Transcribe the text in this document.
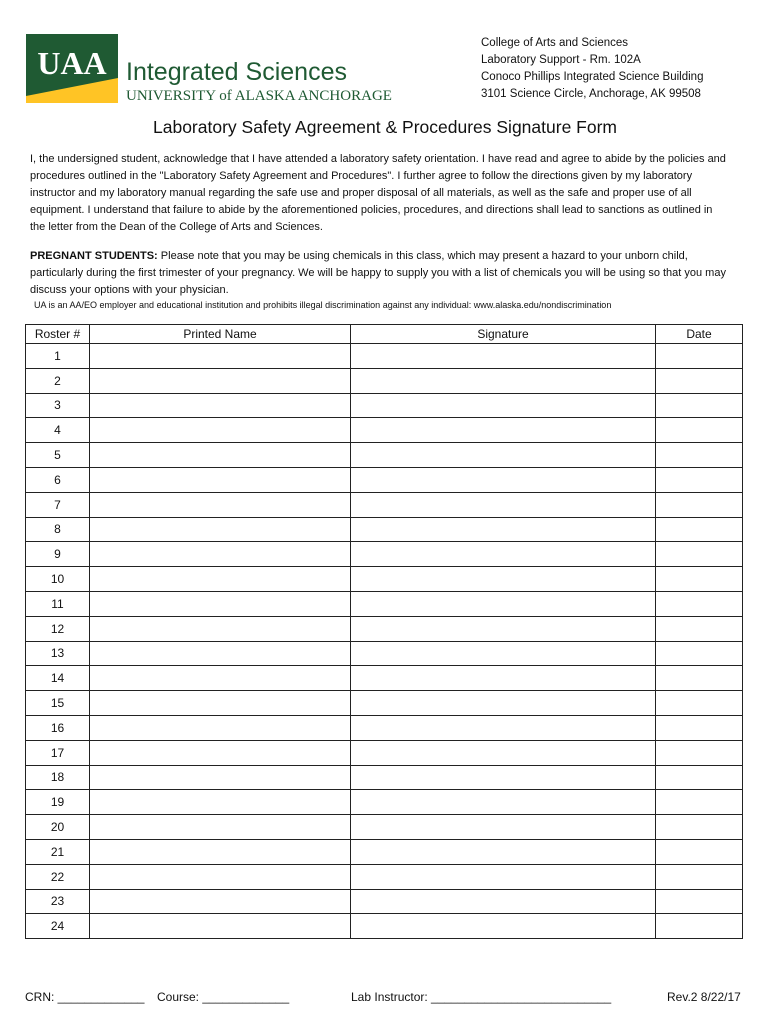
UAA Integrated Sciences
UNIVERSITY of ALASKA ANCHORAGE
College of Arts and Sciences
Laboratory Support - Rm. 102A
Conoco Phillips Integrated Science Building
3101 Science Circle, Anchorage, AK 99508
Laboratory Safety Agreement & Procedures Signature Form
I, the undersigned student, acknowledge that I have attended a laboratory safety orientation. I have read and agree to abide by the policies and procedures outlined in the "Laboratory Safety Agreement and Procedures". I further agree to follow the directions given by my laboratory instructor and my laboratory manual regarding the safe use and proper disposal of all materials, as well as the safe and proper use of all equipment. I understand that failure to abide by the aforementioned policies, procedures, and directions shall lead to sanctions as outlined in the letter from the Dean of the College of Arts and Sciences.
PREGNANT STUDENTS: Please note that you may be using chemicals in this class, which may present a hazard to your unborn child, particularly during the first trimester of your pregnancy. We will be happy to supply you with a list of chemicals you will be using so that you may discuss your options with your physician.
UA is an AA/EO employer and educational institution and prohibits illegal discrimination against any individual: www.alaska.edu/nondiscrimination
Roster #	Printed Name	Signature	Date
1			
2			
3			
4			
5			
6			
7			
8			
9			
10			
11			
12			
13			
14			
15			
16			
17			
18			
19			
20			
21			
22			
23			
24			
CRN: _____________ Course: _____________	Lab Instructor: ___________________________	Rev.2 8/22/17
